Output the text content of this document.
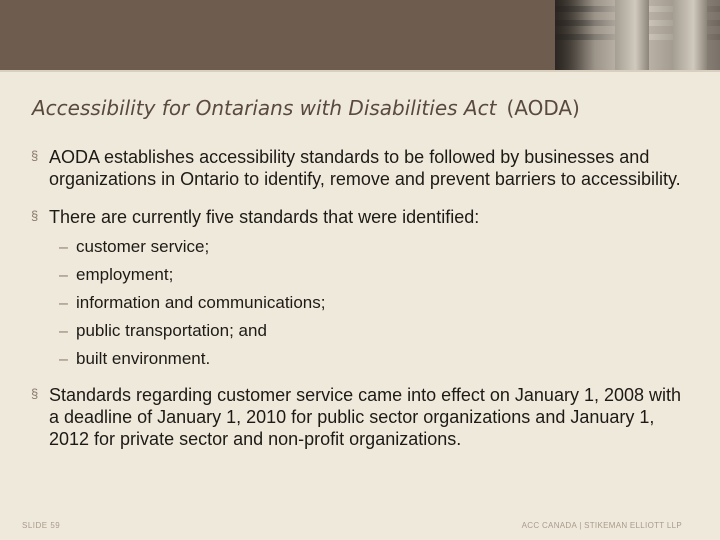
Accessibility for Ontarians with Disabilities Act (AODA)
§ AODA establishes accessibility standards to be followed by businesses and organizations in Ontario to identify, remove and prevent barriers to accessibility.
§ There are currently five standards that were identified:
– customer service;
– employment;
– information and communications;
– public transportation; and
– built environment.
§ Standards regarding customer service came into effect on January 1, 2008 with a deadline of January 1, 2010 for public sector organizations and January 1, 2012 for private sector and non-profit organizations.
SLIDE 59	ACC CANADA | STIKEMAN ELLIOTT LLP
